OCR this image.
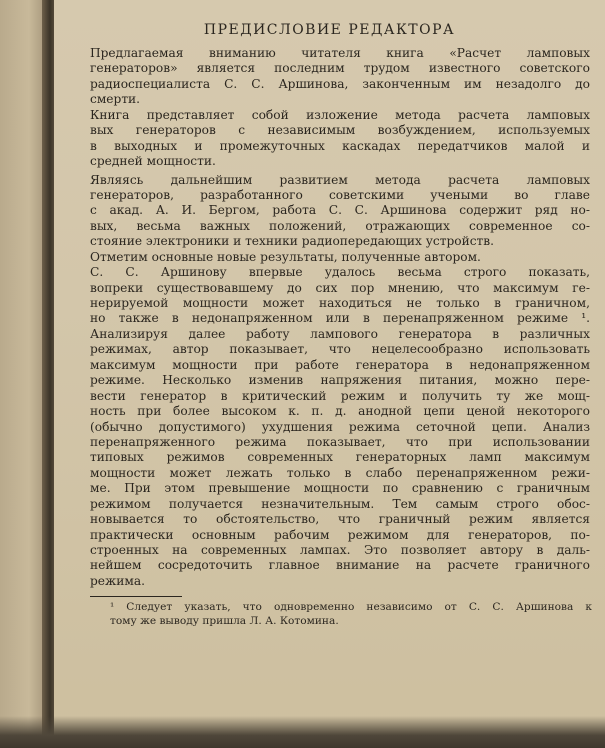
ПРЕДИСЛОВИЕ РЕДАКТОРА
Предлагаемая вниманию читателя книга «Расчет ламповых
генераторов» является последним трудом известного советского
радиоспециалиста С. С. Аршинова, законченным им незадолго до
смерти.
Книга представляет собой изложение метода расчета ламповых
вых генераторов с независимым возбуждением, используемых
в выходных и промежуточных каскадах передатчиков малой и
средней мощности.
Являясь дальнейшим развитием метода расчета ламповых
генераторов, разработанного советскими учеными во главе
с акад. А. И. Бергом, работа С. С. Аршинова содержит ряд но-
вых, весьма важных положений, отражающих современное со-
стояние электроники и техники радиопередающих устройств.
Отметим основные новые результаты, полученные автором.
С. С. Аршинову впервые удалось весьма строго показать,
вопреки существовавшему до сих пор мнению, что максимум ге-
нерируемой мощности может находиться не только в граничном,
но также в недонапряженном или в перенапряженном режиме ¹.
Анализируя далее работу лампового генератора в различных
режимах, автор показывает, что нецелесообразно использовать
максимум мощности при работе генератора в недонапряженном
режиме. Несколько изменив напряжения питания, можно пере-
вести генератор в критический режим и получить ту же мощ-
ность при более высоком к. п. д. анодной цепи ценой некоторого
(обычно допустимого) ухудшения режима сеточной цепи. Анализ
перенапряженного режима показывает, что при использовании
типовых режимов современных генераторных ламп максимум
мощности может лежать только в слабо перенапряженном режи-
ме. При этом превышение мощности по сравнению с граничным
режимом получается незначительным. Тем самым строго обос-
новывается то обстоятельство, что граничный режим является
практически основным рабочим режимом для генераторов, по-
строенных на современных лампах. Это позволяет автору в даль-
нейшем сосредоточить главное внимание на расчете граничного
режима.
¹ Следует указать, что одновременно независимо от С. С. Аршинова к
тому же выводу пришла Л. А. Котомина.
